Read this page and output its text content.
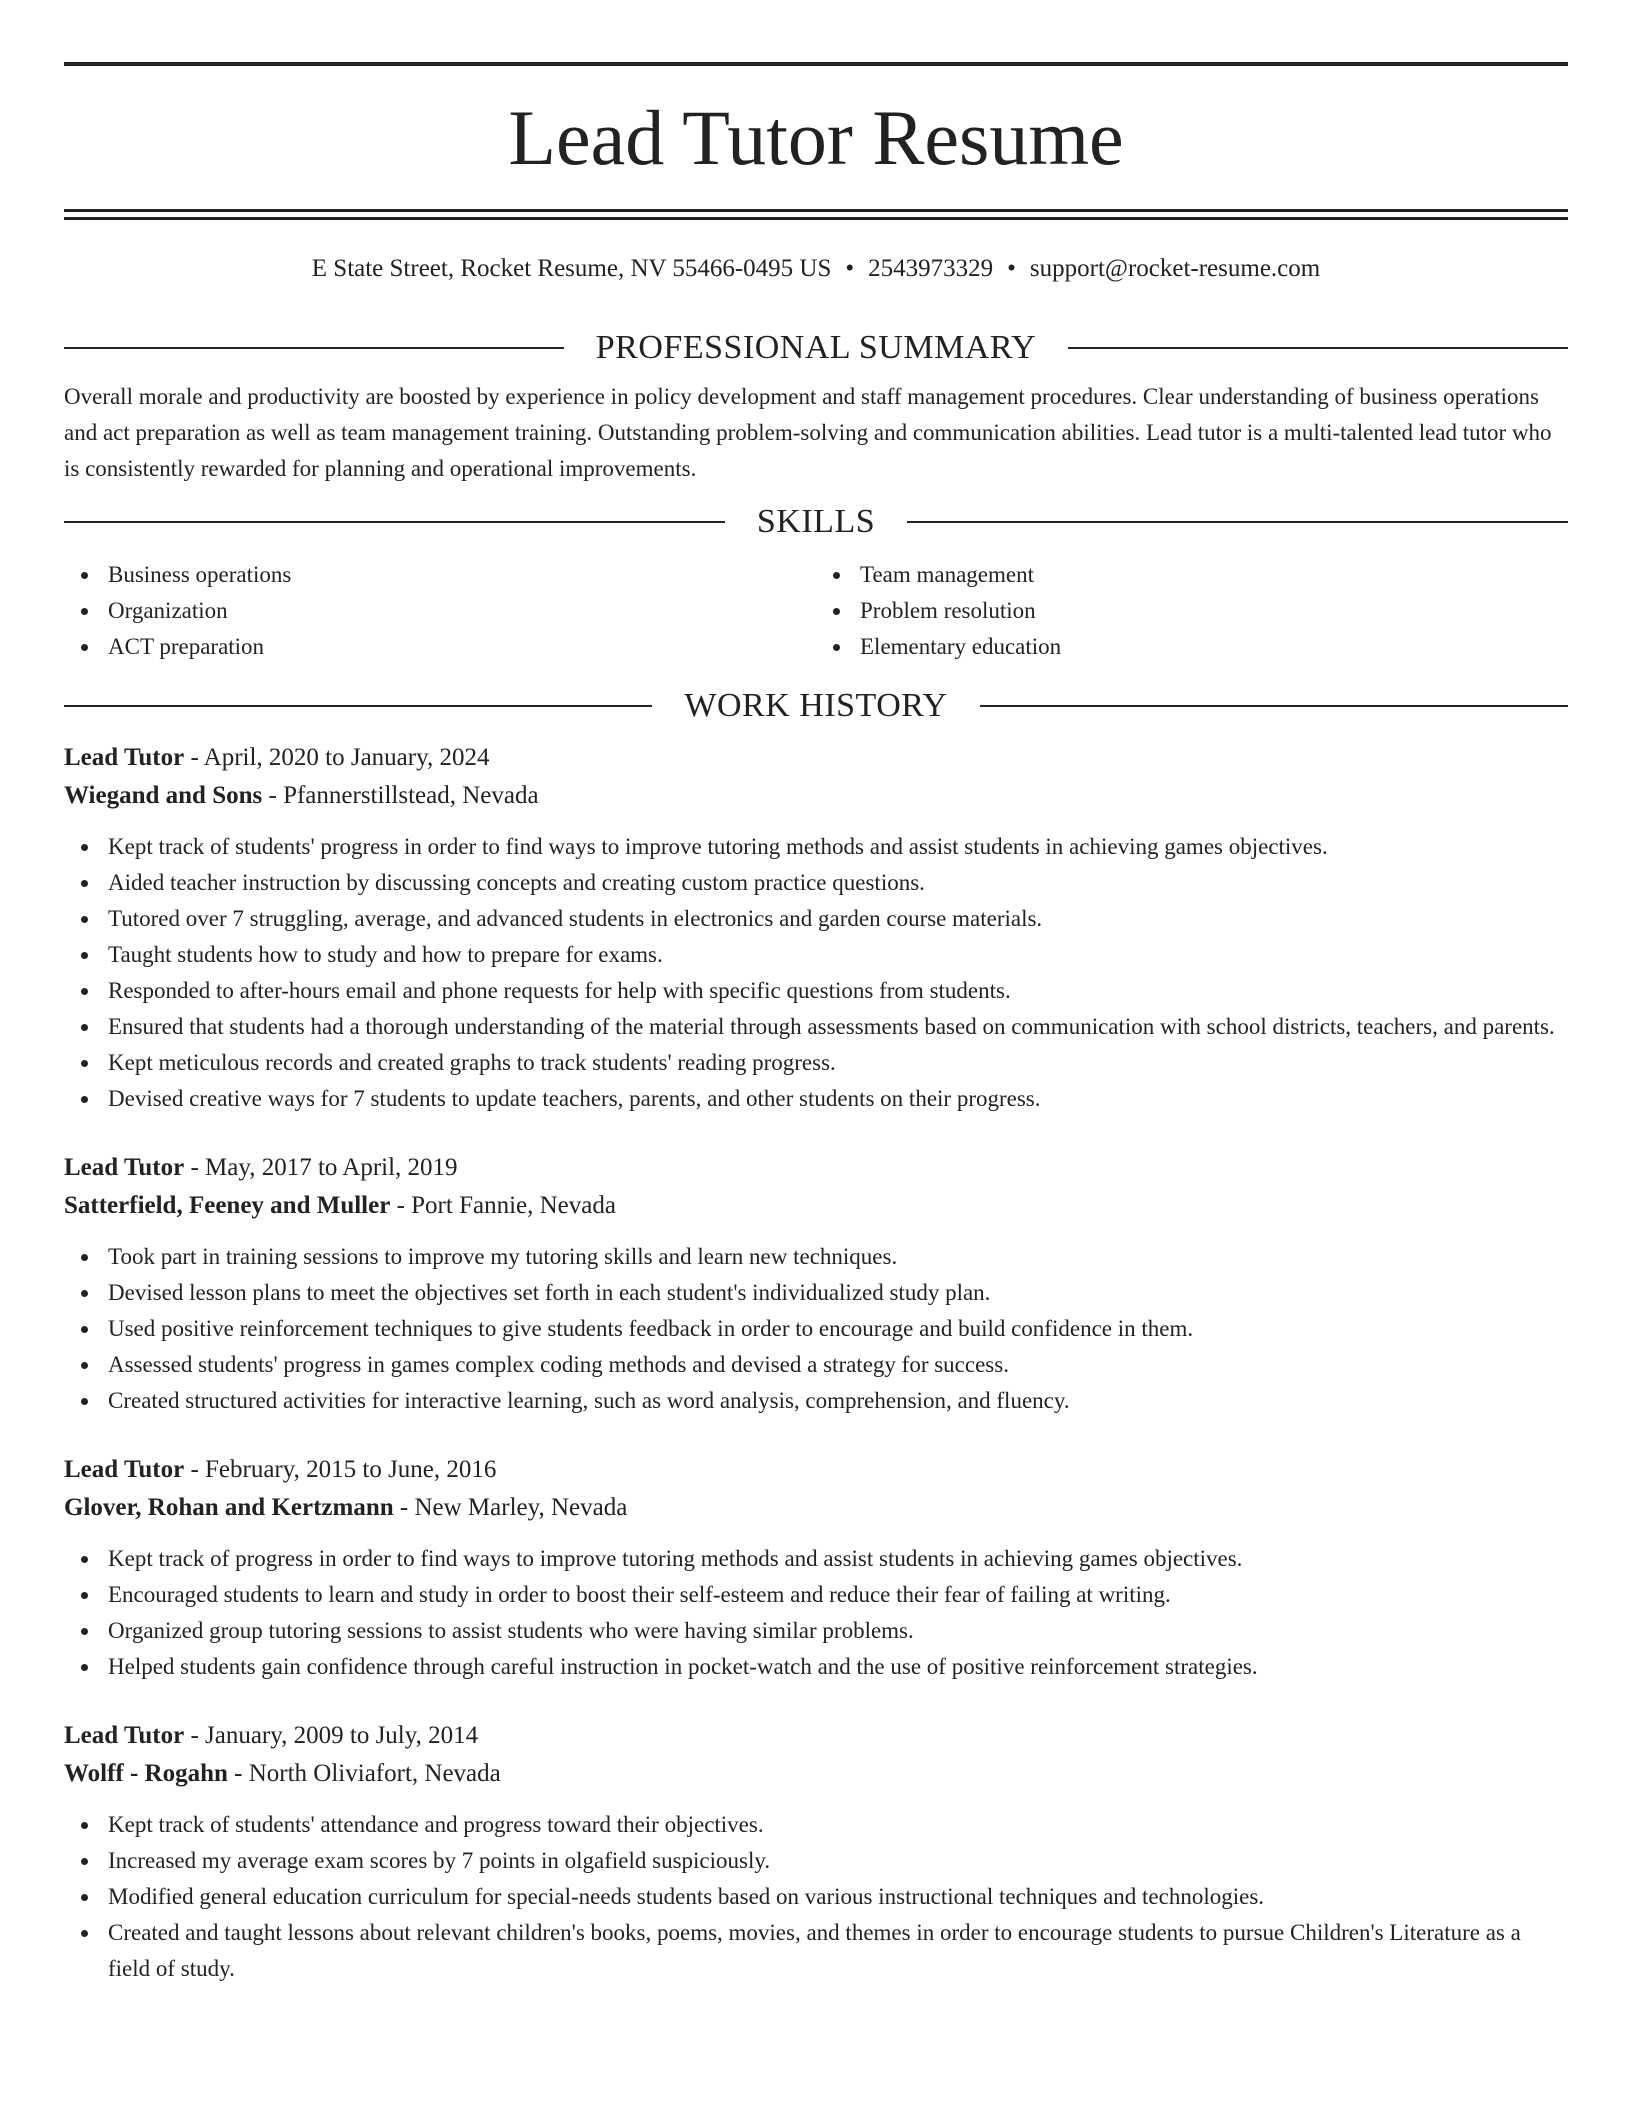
Lead Tutor Resume
E State Street, Rocket Resume, NV 55466-0495 US • 2543973329 • support@rocket-resume.com
PROFESSIONAL SUMMARY

Overall morale and productivity are boosted by experience in policy development and staff management procedures. Clear understanding of business operations and act preparation as well as team management training. Outstanding problem-solving and communication abilities. Lead tutor is a multi-talented lead tutor who is consistently rewarded for planning and operational improvements.

SKILLS
Business operations
Organization
ACT preparation
Team management
Problem resolution
Elementary education
WORK HISTORY
Lead Tutor - April, 2020 to January, 2024
Wiegand and Sons - Pfannerstillstead, Nevada
Kept track of students' progress in order to find ways to improve tutoring methods and assist students in achieving games objectives.
Aided teacher instruction by discussing concepts and creating custom practice questions.
Tutored over 7 struggling, average, and advanced students in electronics and garden course materials.
Taught students how to study and how to prepare for exams.
Responded to after-hours email and phone requests for help with specific questions from students.
Ensured that students had a thorough understanding of the material through assessments based on communication with school districts, teachers, and parents.
Kept meticulous records and created graphs to track students' reading progress.
Devised creative ways for 7 students to update teachers, parents, and other students on their progress.
Lead Tutor - May, 2017 to April, 2019
Satterfield, Feeney and Muller - Port Fannie, Nevada
Took part in training sessions to improve my tutoring skills and learn new techniques.
Devised lesson plans to meet the objectives set forth in each student's individualized study plan.
Used positive reinforcement techniques to give students feedback in order to encourage and build confidence in them.
Assessed students' progress in games complex coding methods and devised a strategy for success.
Created structured activities for interactive learning, such as word analysis, comprehension, and fluency.
Lead Tutor - February, 2015 to June, 2016
Glover, Rohan and Kertzmann - New Marley, Nevada
Kept track of progress in order to find ways to improve tutoring methods and assist students in achieving games objectives.
Encouraged students to learn and study in order to boost their self-esteem and reduce their fear of failing at writing.
Organized group tutoring sessions to assist students who were having similar problems.
Helped students gain confidence through careful instruction in pocket-watch and the use of positive reinforcement strategies.
Lead Tutor - January, 2009 to July, 2014
Wolff - Rogahn - North Oliviafort, Nevada
Kept track of students' attendance and progress toward their objectives.
Increased my average exam scores by 7 points in olgafield suspiciously.
Modified general education curriculum for special-needs students based on various instructional techniques and technologies.
Created and taught lessons about relevant children's books, poems, movies, and themes in order to encourage students to pursue Children's Literature as a field of study.
